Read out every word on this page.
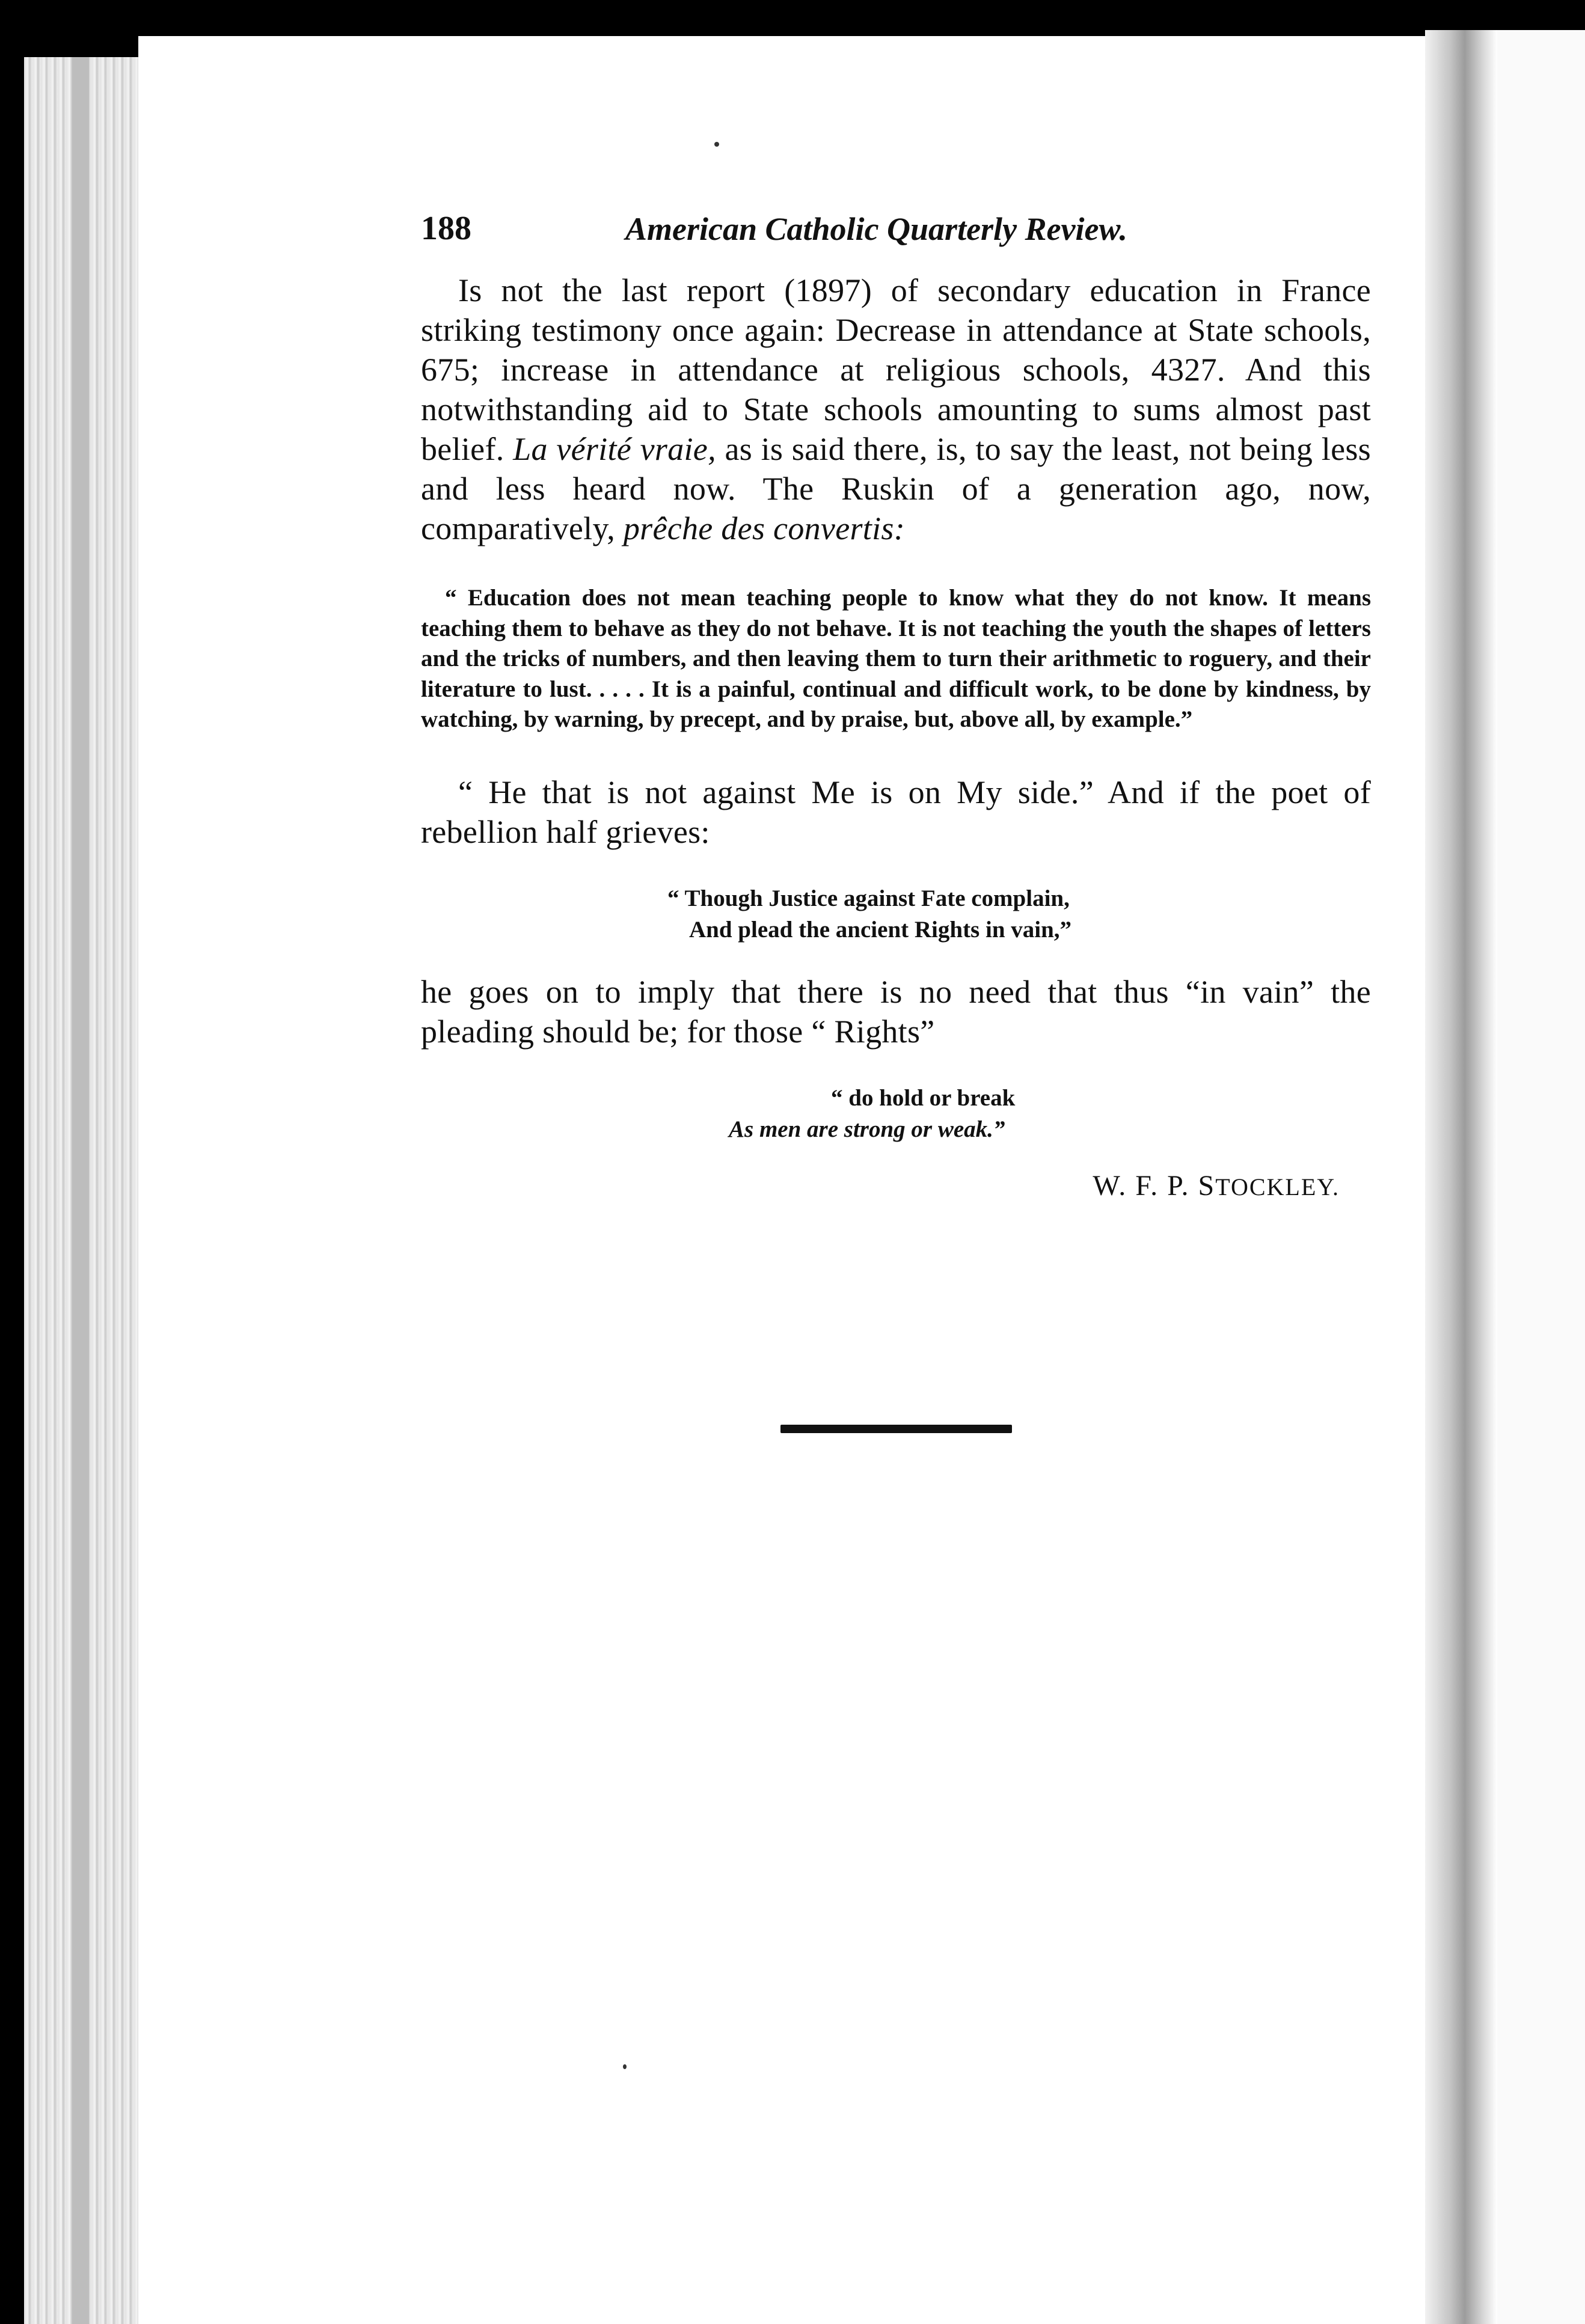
188	American Catholic Quarterly Review.

Is not the last report (1897) of secondary education in France striking testimony once again: Decrease in attendance at State schools, 675; increase in attendance at religious schools, 4327. And this notwithstanding aid to State schools amounting to sums almost past belief. La vérité vraie, as is said there, is, to say the least, not being less and less heard now. The Ruskin of a generation ago, now, comparatively, prêche des convertis:

“ Education does not mean teaching people to know what they do not know. It means teaching them to behave as they do not behave. It is not teaching the youth the shapes of letters and the tricks of numbers, and then leaving them to turn their arithmetic to roguery, and their literature to lust. . . . . It is a painful, continual and difficult work, to be done by kindness, by watching, by warning, by precept, and by praise, but, above all, by example.”

“ He that is not against Me is on My side.” And if the poet of rebellion half grieves:

“ Though Justice against Fate complain,
And plead the ancient Rights in vain,”

he goes on to imply that there is no need that thus “in vain” the pleading should be; for those “ Rights”

“ do hold or break
As men are strong or weak.”
W. F. P. STOCKLEY.
